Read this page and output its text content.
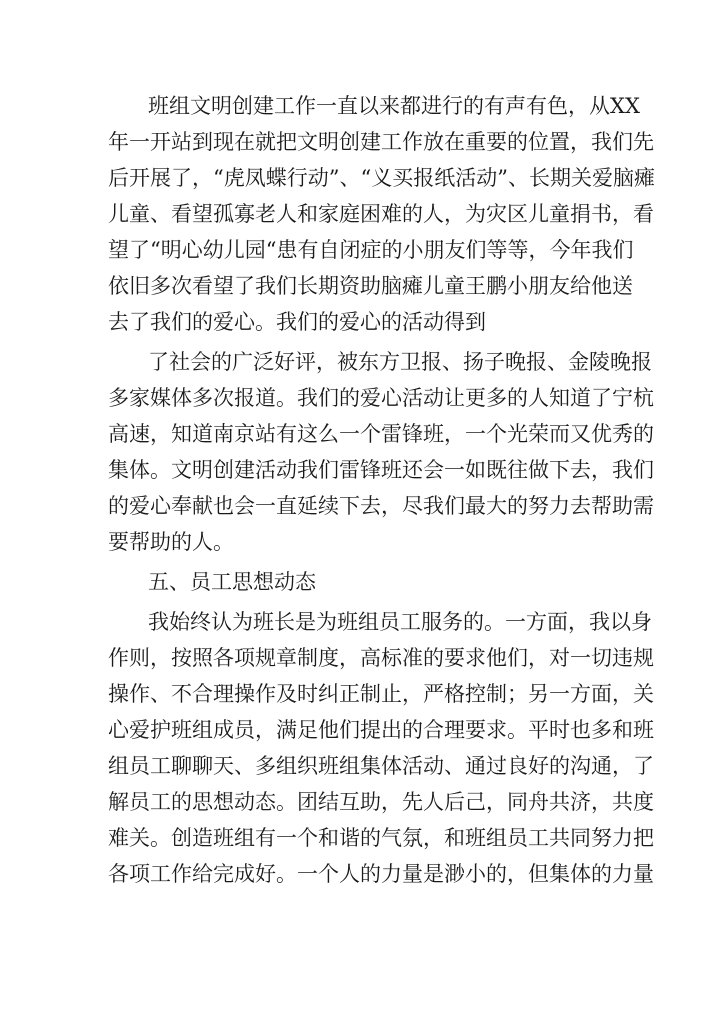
班组文明创建工作一直以来都进行的有声有色，从XX
年一开站到现在就把文明创建工作放在重要的位置，我们先
后开展了，“虎凤蝶行动”、“义买报纸活动”、长期关爱脑瘫
儿童、看望孤寡老人和家庭困难的人，为灾区儿童捐书，看
望了“明心幼儿园“患有自闭症的小朋友们等等，今年我们
依旧多次看望了我们长期资助脑瘫儿童王鹏小朋友给他送
去了我们的爱心。我们的爱心的活动得到
了社会的广泛好评，被东方卫报、扬子晚报、金陵晚报
多家媒体多次报道。我们的爱心活动让更多的人知道了宁杭
高速，知道南京站有这么一个雷锋班，一个光荣而又优秀的
集体。文明创建活动我们雷锋班还会一如既往做下去，我们
的爱心奉献也会一直延续下去，尽我们最大的努力去帮助需
要帮助的人。
五、员工思想动态
我始终认为班长是为班组员工服务的。一方面，我以身
作则，按照各项规章制度，高标准的要求他们，对一切违规
操作、不合理操作及时纠正制止，严格控制；另一方面，关
心爱护班组成员，满足他们提出的合理要求。平时也多和班
组员工聊聊天、多组织班组集体活动、通过良好的沟通，了
解员工的思想动态。团结互助，先人后己，同舟共济，共度
难关。创造班组有一个和谐的气氛，和班组员工共同努力把
各项工作给完成好。一个人的力量是渺小的，但集体的力量
